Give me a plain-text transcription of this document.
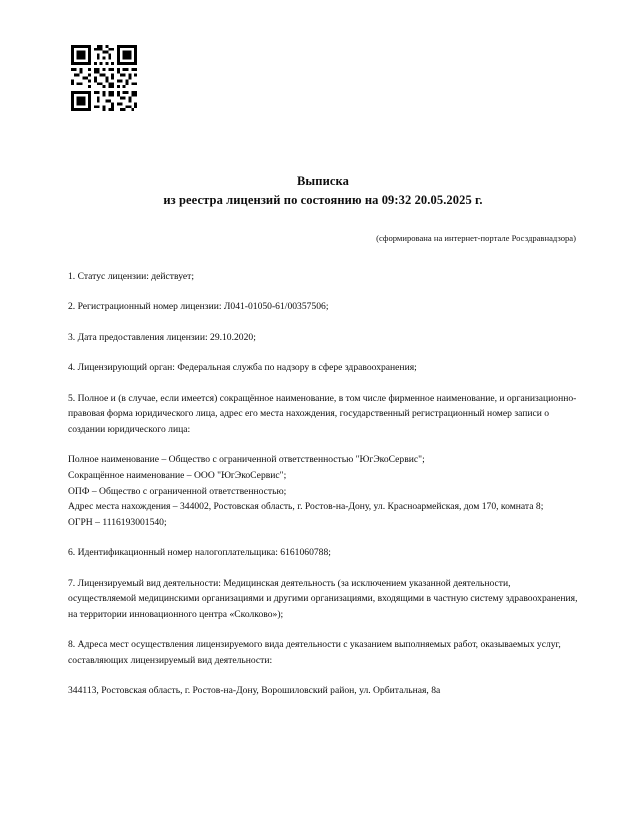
Выписка
из реестра лицензий по состоянию на 09:32 20.05.2025 г.
(сформирована на интернет-портале Росздравнадзора)

1. Статус лицензии: действует;

2. Регистрационный номер лицензии: Л041-01050-61/00357506;

3. Дата предоставления лицензии: 29.10.2020;

4. Лицензирующий орган: Федеральная служба по надзору в сфере здравоохранения;

5. Полное и (в случае, если имеется) сокращённое наименование, в том числе фирменное наименование, и организационно-правовая форма юридического лица, адрес его места нахождения, государственный регистрационный номер записи о создании юридического лица:

Полное наименование – Общество с ограниченной ответственностью "ЮгЭкоСервис";

Сокращённое наименование – ООО "ЮгЭкоСервис";

ОПФ – Общество с ограниченной ответственностью;

Адрес места нахождения – 344002, Ростовская область, г. Ростов-на-Дону, ул. Красноармейская, дом 170, комната 8;

ОГРН – 1116193001540;

6. Идентификационный номер налогоплательщика: 6161060788;

7. Лицензируемый вид деятельности: Медицинская деятельность (за исключением указанной деятельности, осуществляемой медицинскими организациями и другими организациями, входящими в частную систему здравоохранения, на территории инновационного центра «Сколково»);

8. Адреса мест осуществления лицензируемого вида деятельности с указанием выполняемых работ, оказываемых услуг, составляющих лицензируемый вид деятельности:

344113, Ростовская область, г. Ростов-на-Дону, Ворошиловский район, ул. Орбитальная, 8а
